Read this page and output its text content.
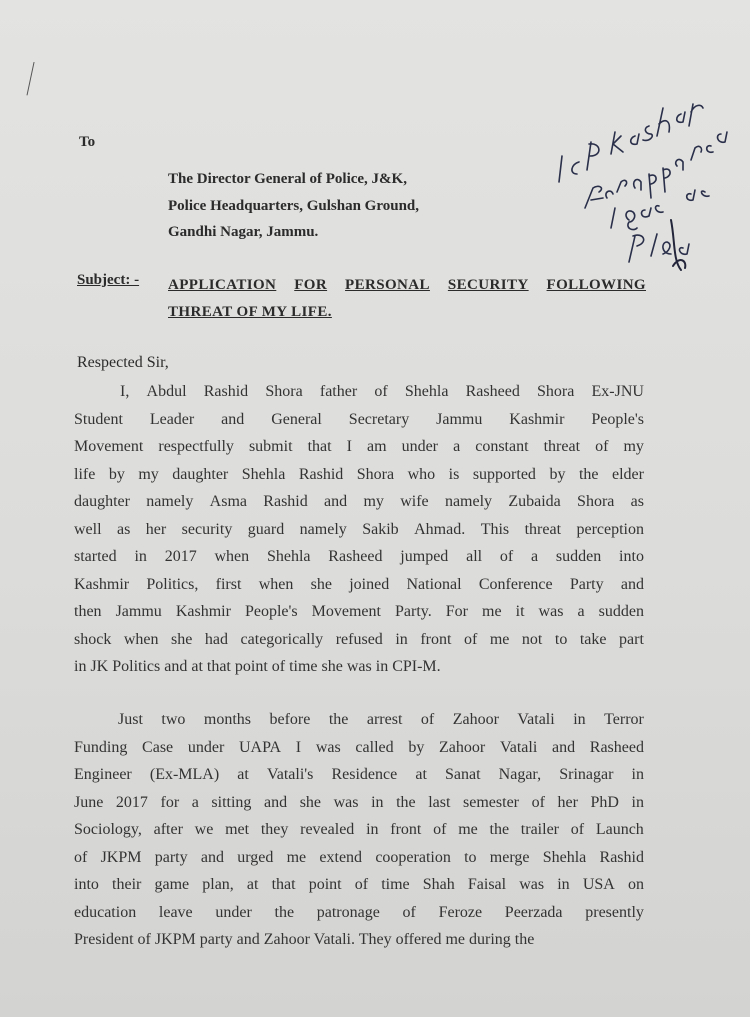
To
The Director General of Police, J&K,
Police Headquarters, Gulshan Ground,
Gandhi Nagar, Jammu.
Subject: - APPLICATION FOR PERSONAL SECURITY FOLLOWING
THREAT OF MY LIFE.
Respected Sir,
I, Abdul Rashid Shora father of Shehla Rasheed Shora Ex-JNU
Student Leader and General Secretary Jammu Kashmir People's
Movement respectfully submit that I am under a constant threat of my
life by my daughter Shehla Rashid Shora who is supported by the elder
daughter namely Asma Rashid and my wife namely Zubaida Shora as
well as her security guard namely Sakib Ahmad. This threat perception
started in 2017 when Shehla Rasheed jumped all of a sudden into
Kashmir Politics, first when she joined National Conference Party and
then Jammu Kashmir People's Movement Party. For me it was a sudden
shock when she had categorically refused in front of me not to take part
in JK Politics and at that point of time she was in CPI-M.
Just two months before the arrest of Zahoor Vatali in Terror
Funding Case under UAPA I was called by Zahoor Vatali and Rasheed
Engineer (Ex-MLA) at Vatali's Residence at Sanat Nagar, Srinagar in
June 2017 for a sitting and she was in the last semester of her PhD in
Sociology, after we met they revealed in front of me the trailer of Launch
of JKPM party and urged me extend cooperation to merge Shehla Rashid
into their game plan, at that point of time Shah Faisal was in USA on
education leave under the patronage of Feroze Peerzada presently
President of JKPM party and Zahoor Vatali. They offered me during the
